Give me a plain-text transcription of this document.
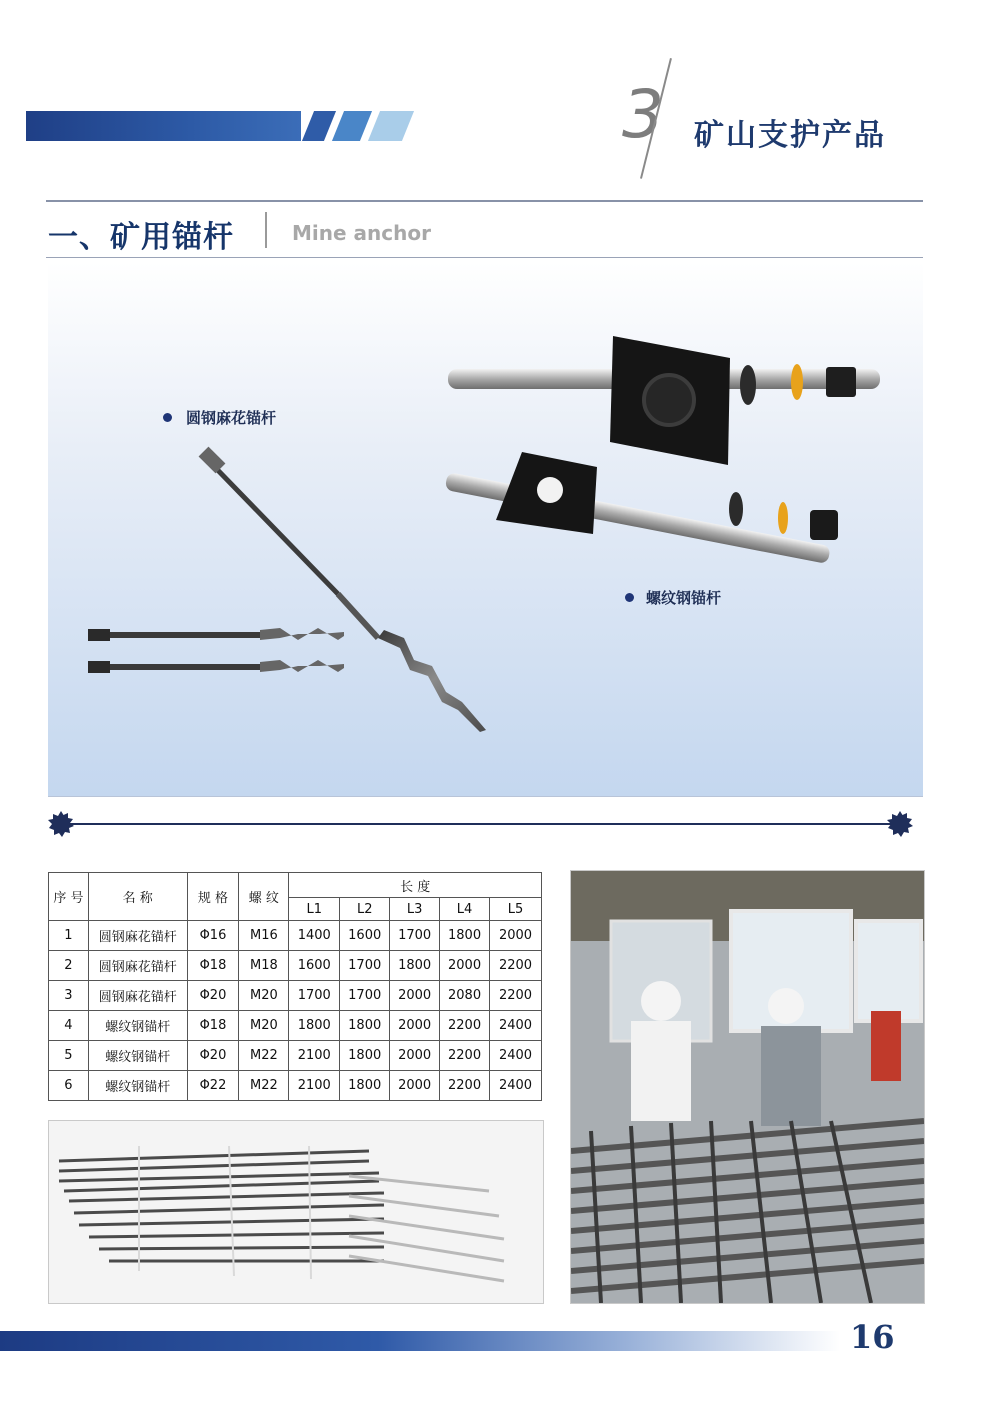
3 矿山支护产品
一、矿用锚杆	Mine anchor
圆钢麻花锚杆
螺纹钢锚杆
序 号	名 称	规 格	螺 纹	长 度				
				L1	L2	L3	L4	L5
1	圆钢麻花锚杆	Φ16	M16	1400	1600	1700	1800	2000
2	圆钢麻花锚杆	Φ18	M18	1600	1700	1800	2000	2200
3	圆钢麻花锚杆	Φ20	M20	1700	1700	2000	2080	2200
4	螺纹钢锚杆	Φ18	M20	1800	1800	2000	2200	2400
5	螺纹钢锚杆	Φ20	M22	2100	1800	2000	2200	2400
6	螺纹钢锚杆	Φ22	M22	2100	1800	2000	2200	2400
16
